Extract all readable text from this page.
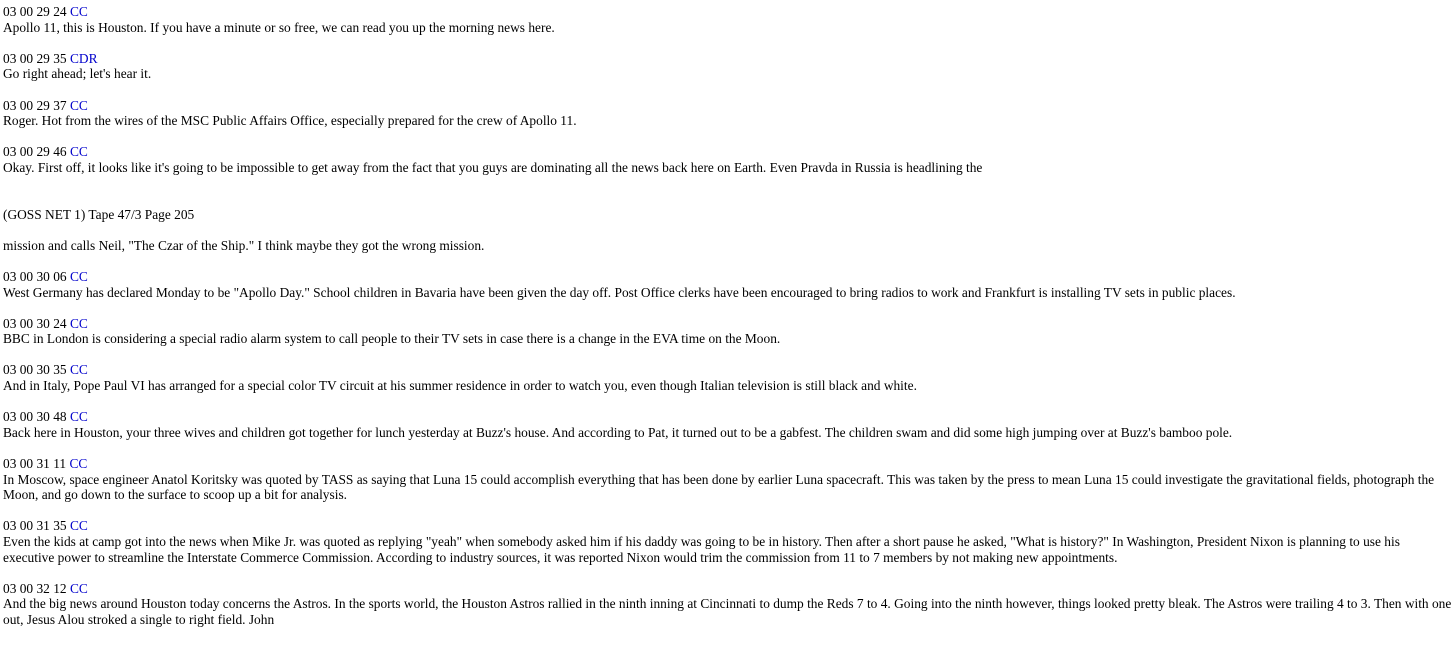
03 00 29 24 CC
Apollo 11, this is Houston. If you have a minute or so free, we can read you up the morning news here.
03 00 29 35 CDR
Go right ahead; let's hear it.
03 00 29 37 CC
Roger. Hot from the wires of the MSC Public Affairs Office, especially prepared for the crew of Apollo 11.
03 00 29 46 CC
Okay. First off, it looks like it's going to be impossible to get away from the fact that you guys are dominating all the news back here on Earth. Even Pravda in Russia is headlining the
(GOSS NET 1) Tape 47/3 Page 205
mission and calls Neil, "The Czar of the Ship." I think maybe they got the wrong mission.
03 00 30 06 CC
West Germany has declared Monday to be "Apollo Day." School children in Bavaria have been given the day off. Post Office clerks have been encouraged to bring radios to work and Frankfurt is installing TV sets in public places.
03 00 30 24 CC
BBC in London is considering a special radio alarm system to call people to their TV sets in case there is a change in the EVA time on the Moon.
03 00 30 35 CC
And in Italy, Pope Paul VI has arranged for a special color TV circuit at his summer residence in order to watch you, even though Italian television is still black and white.
03 00 30 48 CC
Back here in Houston, your three wives and children got together for lunch yesterday at Buzz's house. And according to Pat, it turned out to be a gabfest. The children swam and did some high jumping over at Buzz's bamboo pole.
03 00 31 11 CC
In Moscow, space engineer Anatol Koritsky was quoted by TASS as saying that Luna 15 could accomplish everything that has been done by earlier Luna spacecraft. This was taken by the press to mean Luna 15 could investigate the gravitational fields, photograph the Moon, and go down to the surface to scoop up a bit for analysis.
03 00 31 35 CC
Even the kids at camp got into the news when Mike Jr. was quoted as replying "yeah" when somebody asked him if his daddy was going to be in history. Then after a short pause he asked, "What is history?" In Washington, President Nixon is planning to use his executive power to streamline the Interstate Commerce Commission. According to industry sources, it was reported Nixon would trim the commission from 11 to 7 members by not making new appointments.
03 00 32 12 CC
And the big news around Houston today concerns the Astros. In the sports world, the Houston Astros rallied in the ninth inning at Cincinnati to dump the Reds 7 to 4. Going into the ninth however, things looked pretty bleak. The Astros were trailing 4 to 3. Then with one out, Jesus Alou stroked a single to right field. John
